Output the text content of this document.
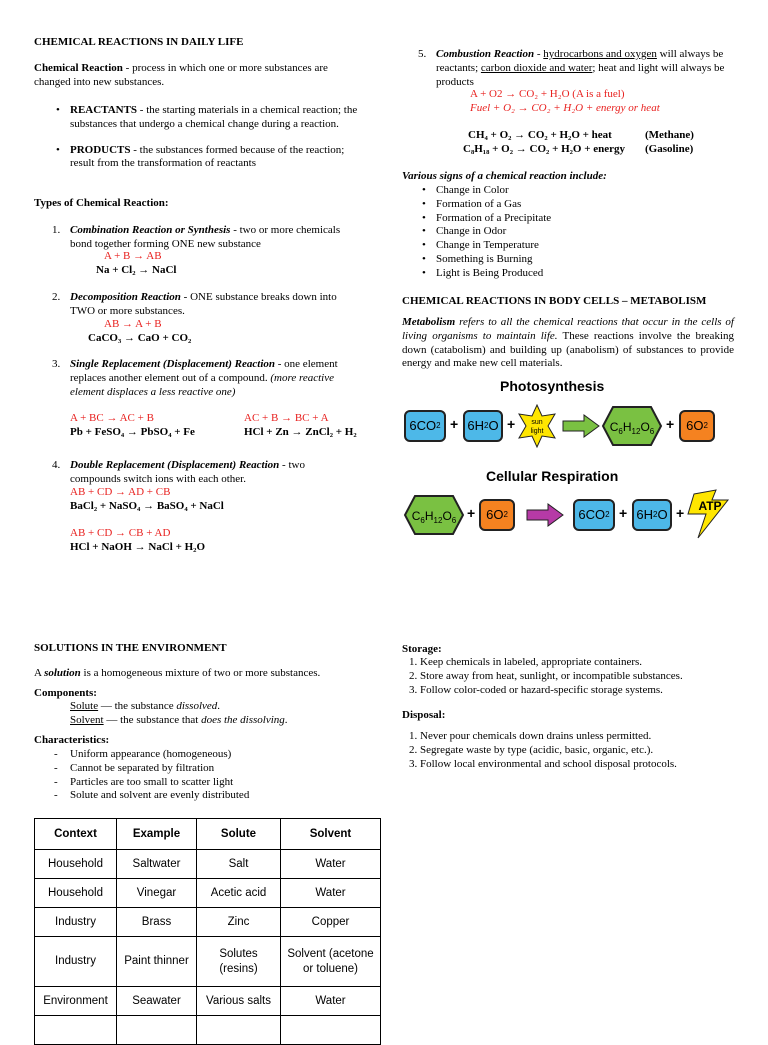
CHEMICAL REACTIONS IN DAILY LIFE
Chemical Reaction - process in which one or more substances are changed into new substances.
• REACTANTS - the starting materials in a chemical reaction; the substances that undergo a chemical change during a reaction.
• PRODUCTS - the substances formed because of the reaction; result from the transformation of reactants
Types of Chemical Reaction:
1. Combination Reaction or Synthesis - two or more chemicals bond together forming ONE new substance
A + B → AB
Na + Cl₂ → NaCl
2. Decomposition Reaction - ONE substance breaks down into TWO or more substances.
AB → A + B
CaCO₃ → CaO + CO₂
3. Single Replacement (Displacement) Reaction - one element replaces another element out of a compound. (more reactive element displaces a less reactive one)
A + BC → AC + B
Pb + FeSO₄ → PbSO₄ + Fe
AC + B → BC + A
HCl + Zn → ZnCl₂ + H₂
4. Double Replacement (Displacement) Reaction - two compounds switch ions with each other.
AB + CD → AD + CB
BaCl₂ + NaSO₄ → BaSO₄ + NaCl
AB + CD → CB + AD
HCl + NaOH → NaCl + H₂O
5. Combustion Reaction - hydrocarbons and oxygen will always be reactants; carbon dioxide and water; heat and light will always be products
A + O2 → CO₂ + H₂O (A is a fuel)
Fuel + O₂ → CO₂ + H₂O + energy or heat
CH₄ + O₂ → CO₂ + H₂O + heat	(Methane)
C₈H₁₈ + O₂ → CO₂ + H₂O + energy (Gasoline)
Various signs of a chemical reaction include:
• Change in Color
• Formation of a Gas
• Formation of a Precipitate
• Change in Odor
• Change in Temperature
• Something is Burning
• Light is Being Produced
CHEMICAL REACTIONS IN BODY CELLS – METABOLISM
Metabolism refers to all the chemical reactions that occur in the cells of living organisms to maintain life. These reactions involve the breaking down (catabolism) and building up (anabolism) of substances to provide energy and make new cell materials.
Photosynthesis
6CO 2 + 6H 2 O + sun
light	$C_6H_{12}O_6 + 6O$ 2
Cellular Respiration
$C_6H_{12}O_6 + 6O$ 2	6CO 2 + 6H 2 O + ATP
SOLUTIONS IN THE ENVIRONMENT
A solution is a homogeneous mixture of two or more substances.
Components:
Solute — the substance dissolved.
Solvent — the substance that does the dissolving.
Characteristics:
- Uniform appearance (homogeneous)
- Cannot be separated by filtration
- Particles are too small to scatter light
- Solute and solvent are evenly distributed
Context	Example	Solute	Solvent
Household	Saltwater	Salt	Water
Household	Vinegar	Acetic acid	Water
Industry	Brass	Zinc	Copper
Industry	Paint thinner	Solutes (resins)	Solvent (acetone or toluene)
Environment	Seawater	Various salts	Water

Storage:
1. Keep chemicals in labeled, appropriate containers.
2. Store away from heat, sunlight, or incompatible substances.
3. Follow color-coded or hazard-specific storage systems.
Disposal:
1. Never pour chemicals down drains unless permitted.
2. Segregate waste by type (acidic, basic, organic, etc.).
3. Follow local environmental and school disposal protocols.
